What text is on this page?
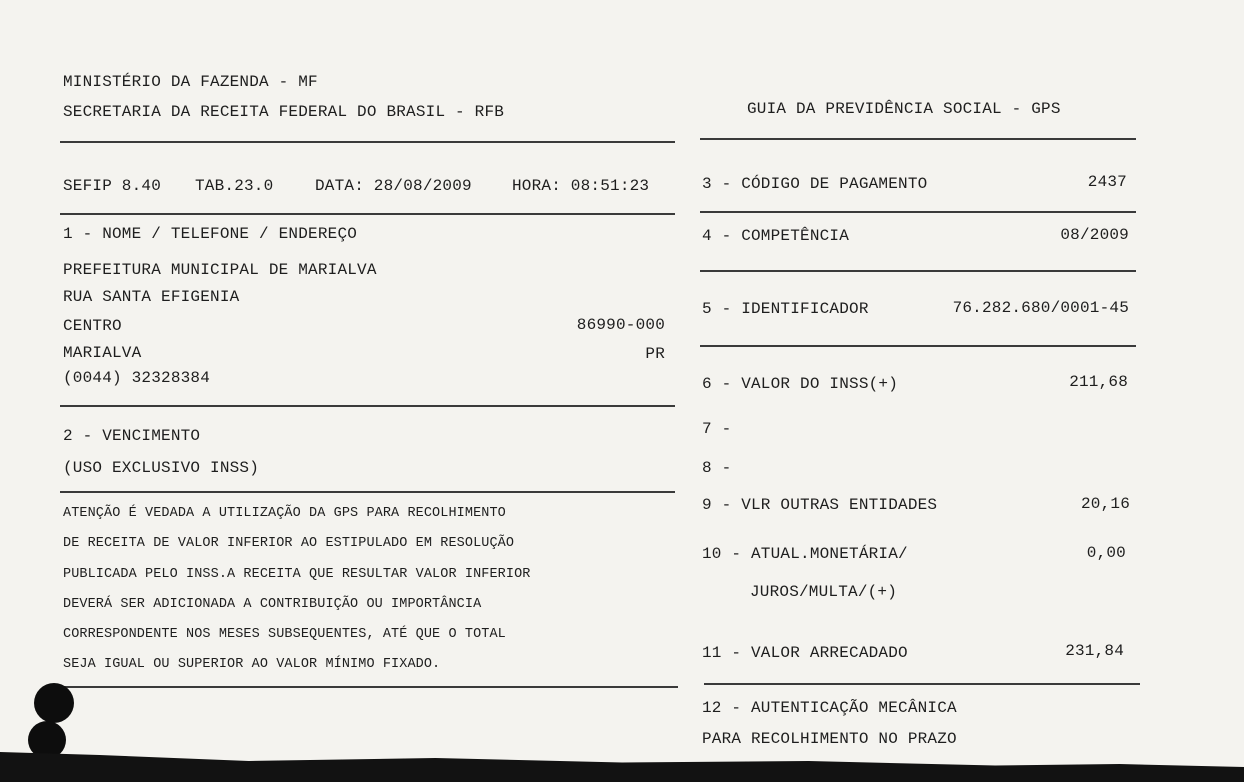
MINISTÉRIO DA FAZENDA - MF
SECRETARIA DA RECEITA FEDERAL DO BRASIL - RFB	GUIA DA PREVIDÊNCIA SOCIAL - GPS
SEFIP 8.40 TAB.23.0	DATA: 28/08/2009	HORA: 08:51:23
1 - NOME / TELEFONE / ENDEREÇO
PREFEITURA MUNICIPAL DE MARIALVA
RUA SANTA EFIGENIA
CENTRO	86990-000
MARIALVA	PR
(0044) 32328384
2 - VENCIMENTO
(USO EXCLUSIVO INSS)
ATENÇÃO É VEDADA A UTILIZAÇÃO DA GPS PARA RECOLHIMENTO
DE RECEITA DE VALOR INFERIOR AO ESTIPULADO EM RESOLUÇÃO
PUBLICADA PELO INSS.A RECEITA QUE RESULTAR VALOR INFERIOR
DEVERÁ SER ADICIONADA A CONTRIBUIÇÃO OU IMPORTÂNCIA
CORRESPONDENTE NOS MESES SUBSEQUENTES, ATÉ QUE O TOTAL
SEJA IGUAL OU SUPERIOR AO VALOR MÍNIMO FIXADO.
3 - CÓDIGO DE PAGAMENTO	2437
4 - COMPETÊNCIA	08/2009
5 - IDENTIFICADOR	76.282.680/0001-45
6 - VALOR DO INSS(+)	211,68
7 -
8 -
9 - VLR OUTRAS ENTIDADES	20,16
10 - ATUAL.MONETÁRIA/	0,00
JUROS/MULTA/(+)
11 - VALOR ARRECADADO	231,84
12 - AUTENTICAÇÃO MECÂNICA
PARA RECOLHIMENTO NO PRAZO
